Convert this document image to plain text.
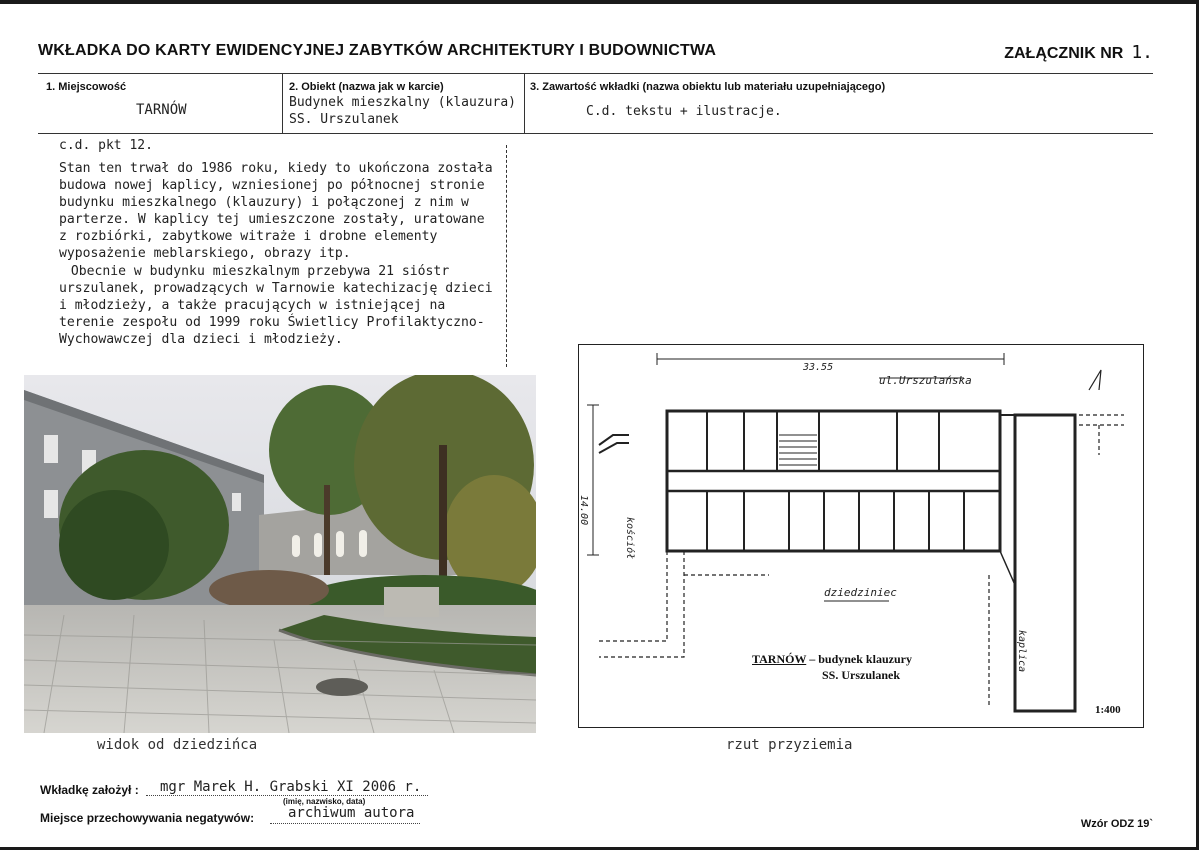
WKŁADKA DO KARTY EWIDENCYJNEJ ZABYTKÓW ARCHITEKTURY I BUDOWNICTWA	ZAŁĄCZNIK NR 1.
1. Miejscowość
TARNÓW
2. Obiekt (nazwa jak w karcie)
Budynek mieszkalny (klauzura)
SS. Urszulanek
3. Zawartość wkładki (nazwa obiektu lub materiału uzupełniającego)
C.d. tekstu + ilustracje.
c.d. pkt 12.

Stan ten trwał do 1986 roku, kiedy to ukończona została budowa nowej kaplicy, wzniesionej po północnej stronie budynku mieszkalnego (klauzury) i połączonej z nim w parterze. W kaplicy tej umieszczone zostały, uratowane z rozbiórki, zabytkowe witraże i drobne elementy wyposażenie meblarskiego, obrazy itp.

Obecnie w budynku mieszkalnym przebywa 21 sióstr urszulanek, prowadzących w Tarnowie katechizację dzieci i młodzieży, a także pracujących w istniejącej na terenie zespołu od 1999 roku Świetlicy Profilaktyczno-Wychowawczej dla dzieci i młodzieży.

widok od dziedzińca
33.55
14.00
ul.Urszulańska
kościół
dziedziniec
kaplica
TARNÓW – budynek klauzury
SS. Urszulanek
1:400
rzut przyziemia
Wkładkę założył : mgr Marek H. Grabski XI 2006 r.
(imię, nazwisko, data)
Miejsce przechowywania negatywów: archiwum autora
Wzór ODZ 19`
